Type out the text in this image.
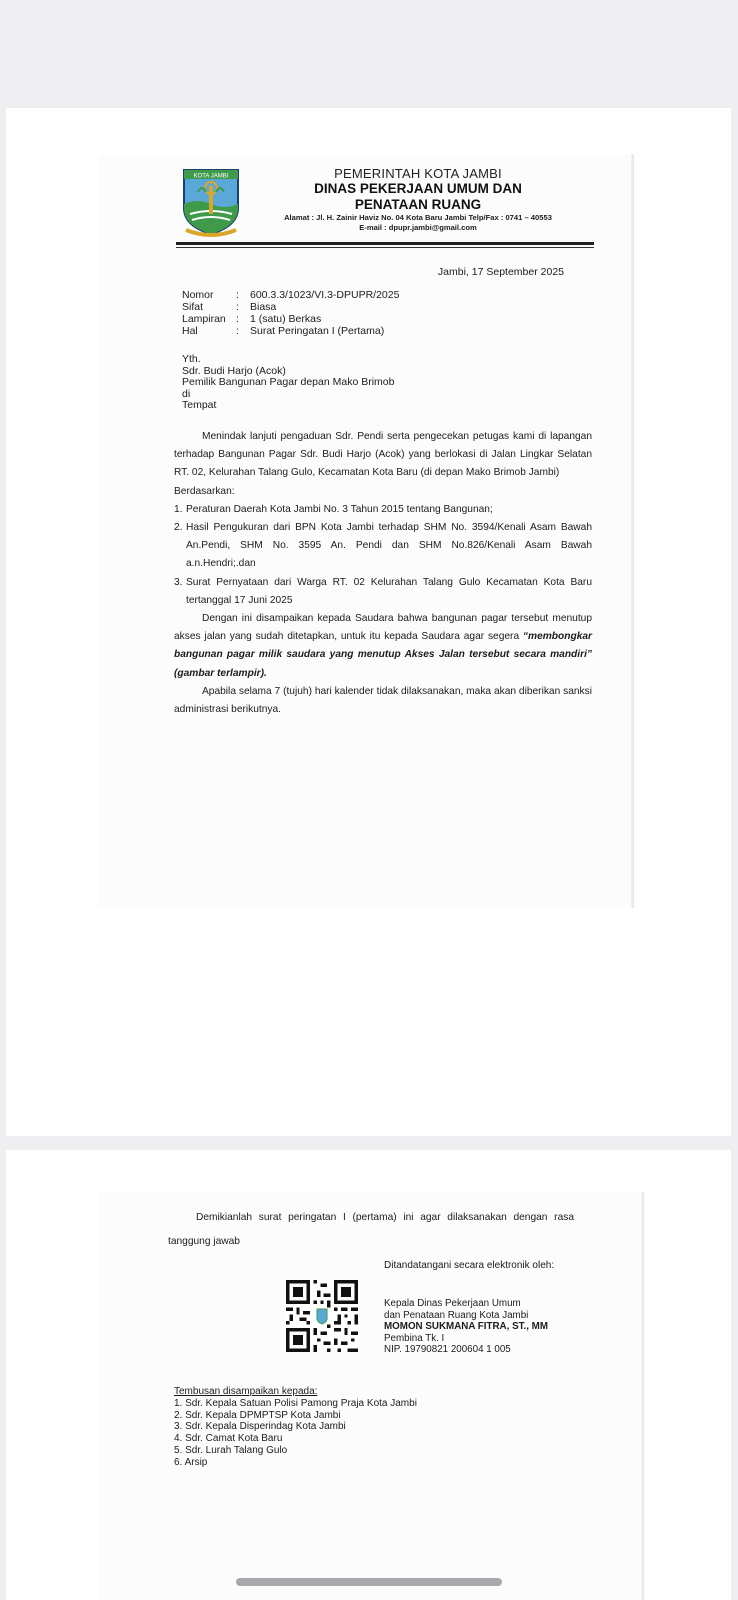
KOTA JAMBI	PEMERINTAH KOTA JAMBI
DINAS PEKERJAAN UMUM DAN
PENATAAN RUANG
Alamat : Jl. H. Zainir Haviz No. 04 Kota Baru Jambi Telp/Fax : 0741 – 40553
E-mail : dpupr.jambi@gmail.com
Jambi, 17 September 2025
Nomor	:	600.3.3/1023/VI.3-DPUPR/2025
Sifat	:	Biasa
Lampiran :	1 (satu) Berkas
Hal	:	Surat Peringatan I (Pertama)
Yth.
Sdr. Budi Harjo (Acok)
Pemilik Bangunan Pagar depan Mako Brimob
di
Tempat

Menindak lanjuti pengaduan Sdr. Pendi serta pengecekan petugas kami di lapangan terhadap Bangunan Pagar Sdr. Budi Harjo (Acok) yang berlokasi di Jalan Lingkar Selatan RT. 02, Kelurahan Talang Gulo, Kecamatan Kota Baru (di depan Mako Brimob Jambi)

Berdasarkan:

1. Peraturan Daerah Kota Jambi No. 3 Tahun 2015 tentang Bangunan;
2. Hasil Pengukuran dari BPN Kota Jambi terhadap SHM No. 3594/Kenali Asam Bawah An.Pendi, SHM No. 3595 An. Pendi dan SHM No.826/Kenali Asam Bawah a.n.Hendri;.dan
3. Surat Pernyataan dari Warga RT. 02 Kelurahan Talang Gulo Kecamatan Kota Baru tertanggal 17 Juni 2025

Dengan ini disampaikan kepada Saudara bahwa bangunan pagar tersebut menutup akses jalan yang sudah ditetapkan, untuk itu kepada Saudara agar segera “membongkar bangunan pagar milik saudara yang menutup Akses Jalan tersebut secara mandiri” (gambar terlampir).

Apabila selama 7 (tujuh) hari kalender tidak dilaksanakan, maka akan diberikan sanksi administrasi berikutnya.

Demikianlah surat peringatan I (pertama) ini agar dilaksanakan dengan rasa tanggung jawab

Ditandatangani secara elektronik oleh:
Kepala Dinas Pekerjaan Umum
dan Penataan Ruang Kota Jambi
MOMON SUKMANA FITRA, ST., MM
Pembina Tk. I
NIP. 19790821 200604 1 005
Tembusan disampaikan kepada:
1. Sdr. Kepala Satuan Polisi Pamong Praja Kota Jambi
2. Sdr. Kepala DPMPTSP Kota Jambi
3. Sdr. Kepala Disperindag Kota Jambi
4. Sdr. Camat Kota Baru
5. Sdr. Lurah Talang Gulo
6. Arsip
